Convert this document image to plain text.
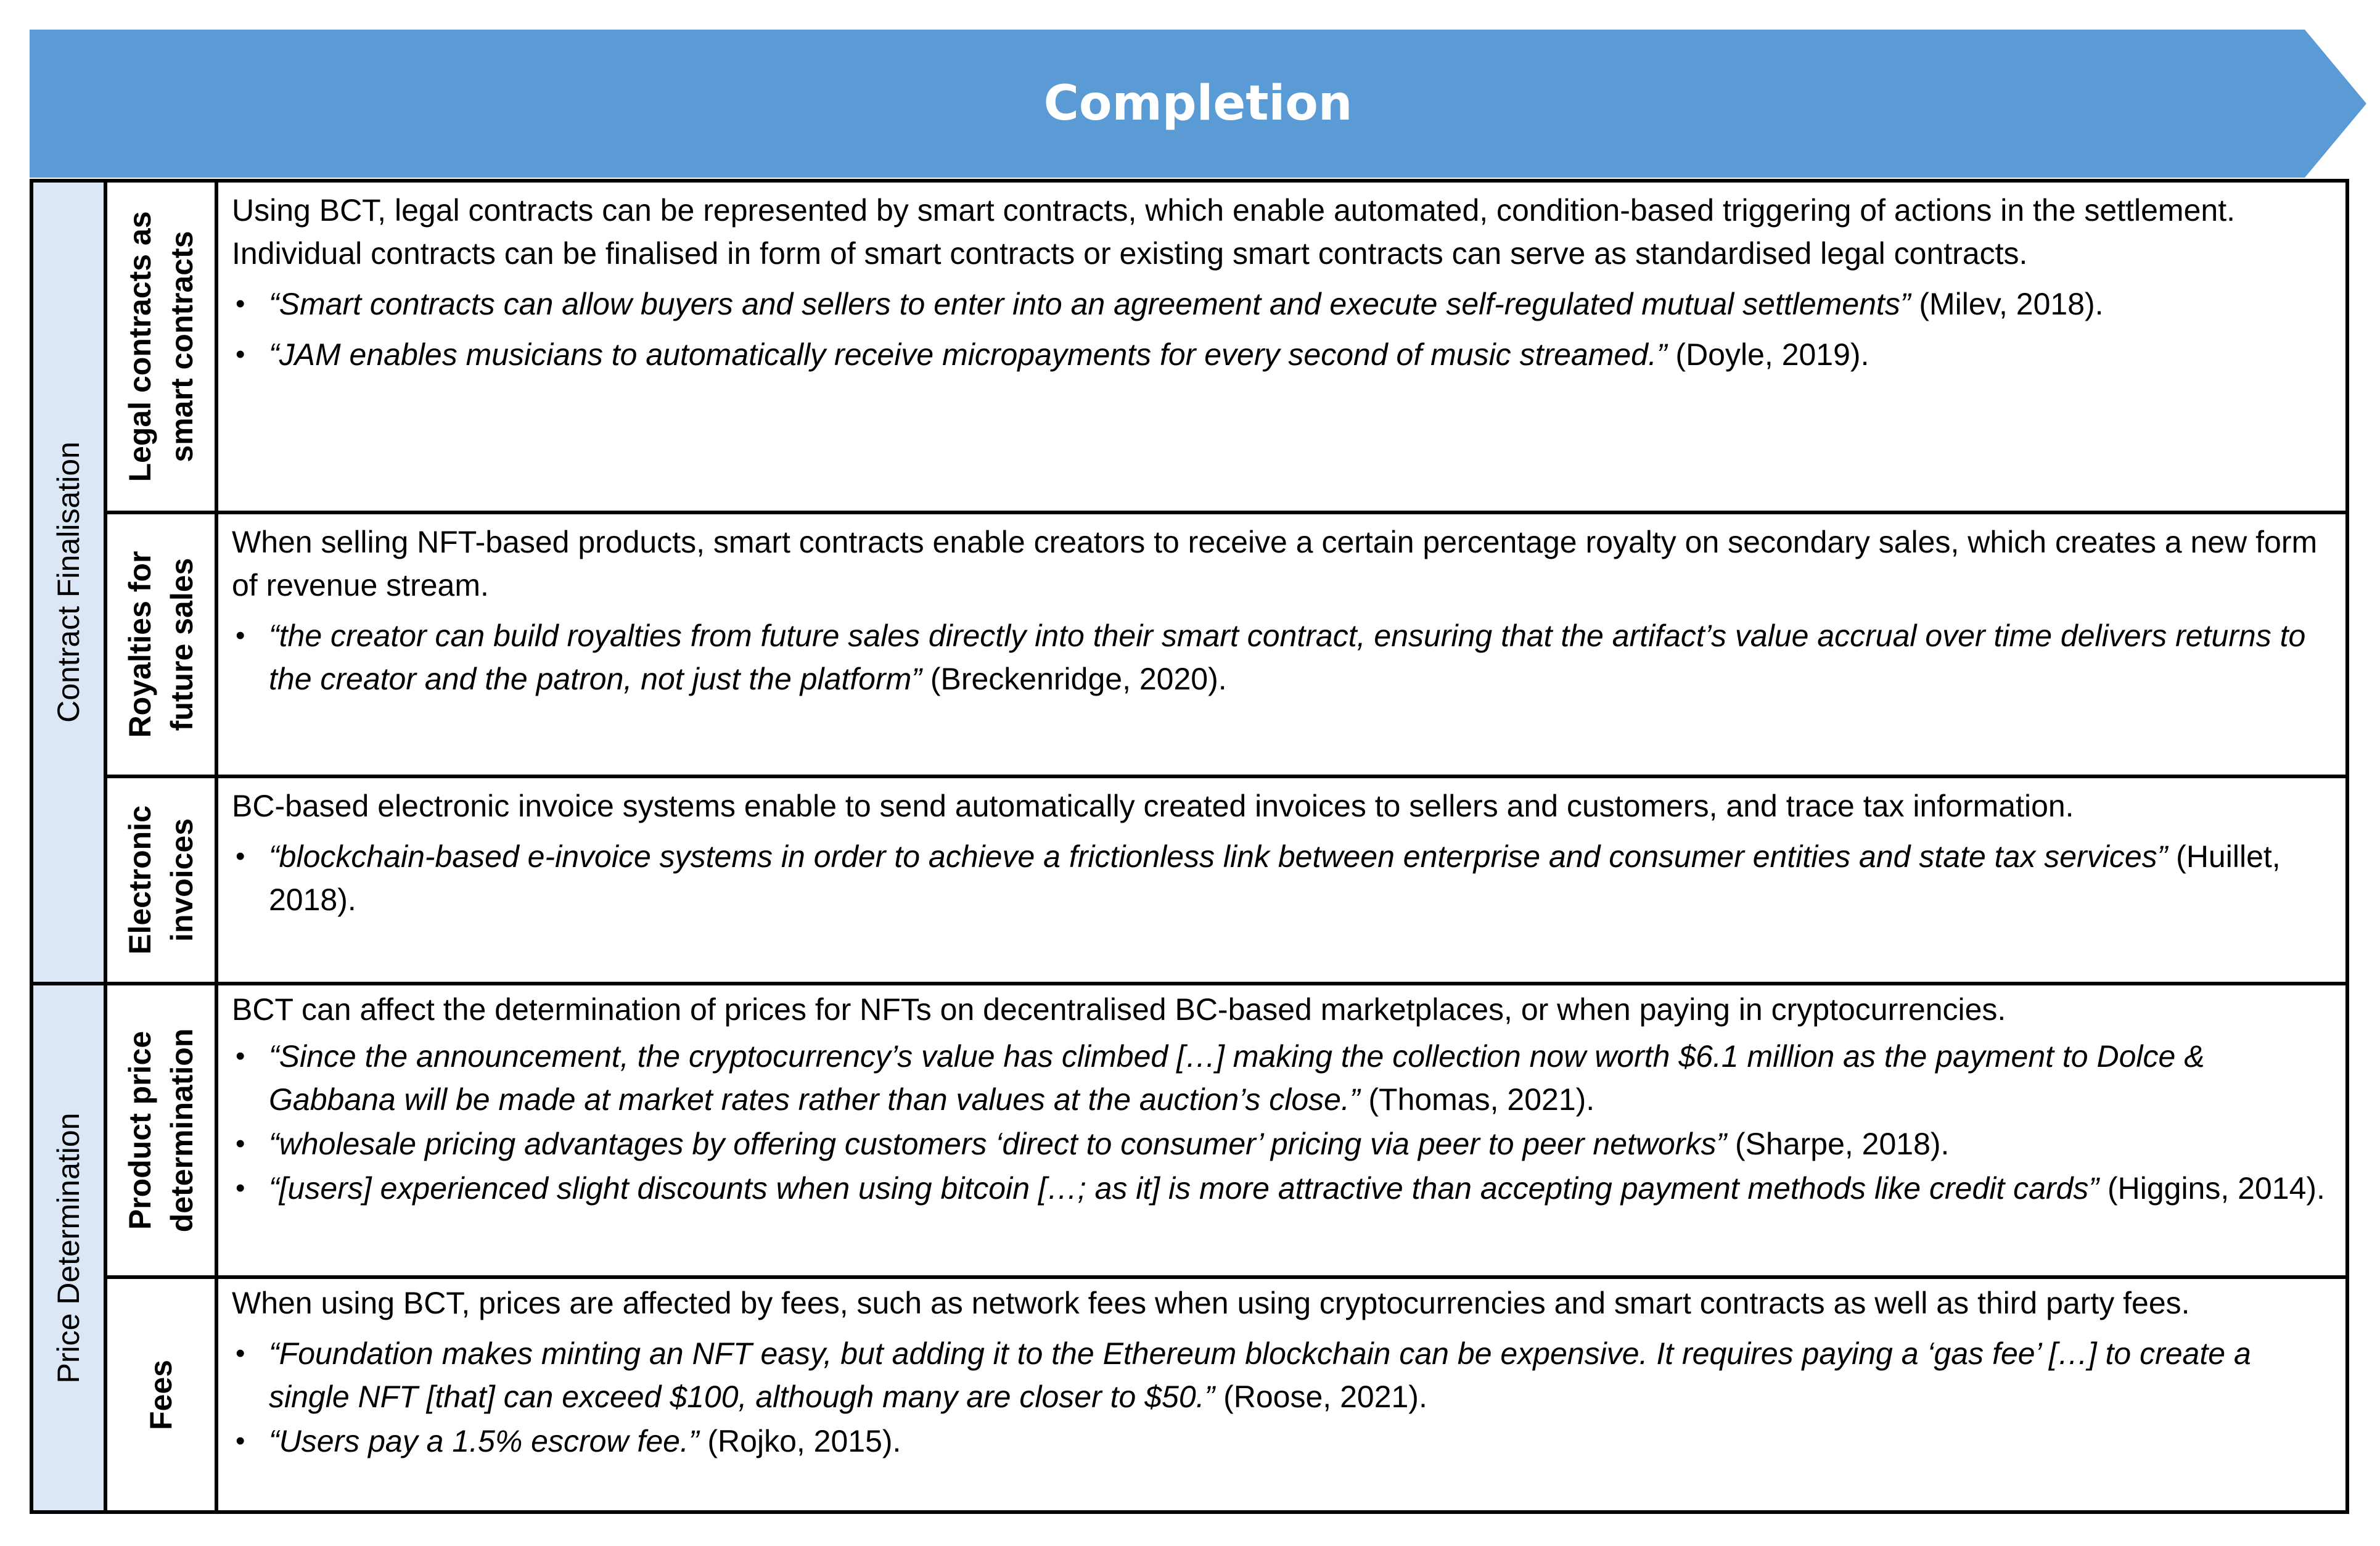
Completion
Contract Finalisation
Price Determination
Legal contracts as smart contracts

Using BCT, legal contracts can be represented by smart contracts, which enable automated, condition-based triggering of actions in the settlement. Individual contracts can be finalised in form of smart contracts or existing smart contracts can serve as standardised legal contracts.

• “Smart contracts can allow buyers and sellers to enter into an agreement and execute self-regulated mutual settlements” (Milev, 2018).
• “JAM enables musicians to automatically receive micropayments for every second of music streamed.” (Doyle, 2019).
Royalties for future sales

When selling NFT-based products, smart contracts enable creators to receive a certain percentage royalty on secondary sales, which creates a new form of revenue stream.

• “the creator can build royalties from future sales directly into their smart contract, ensuring that the artifact’s value accrual over time delivers returns to the creator and the patron, not just the platform” (Breckenridge, 2020).
Electronic invoices

BC-based electronic invoice systems enable to send automatically created invoices to sellers and customers, and trace tax information.

• “blockchain-based e-invoice systems in order to achieve a frictionless link between enterprise and consumer entities and state tax services” (Huillet, 2018).
Product price determination

BCT can affect the determination of prices for NFTs on decentralised BC-based marketplaces, or when paying in cryptocurrencies.

• “Since the announcement, the cryptocurrency’s value has climbed […] making the collection now worth $6.1 million as the payment to Dolce & Gabbana will be made at market rates rather than values at the auction’s close.” (Thomas, 2021).
• “wholesale pricing advantages by offering customers ‘direct to consumer’ pricing via peer to peer networks” (Sharpe, 2018).
• “[users] experienced slight discounts when using bitcoin […; as it] is more attractive than accepting payment methods like credit cards” (Higgins, 2014).
Fees

When using BCT, prices are affected by fees, such as network fees when using cryptocurrencies and smart contracts as well as third party fees.

• “Foundation makes minting an NFT easy, but adding it to the Ethereum blockchain can be expensive. It requires paying a ‘gas fee’ […] to create a single NFT [that] can exceed $100, although many are closer to $50.” (Roose, 2021).
• “Users pay a 1.5% escrow fee.” (Rojko, 2015).
